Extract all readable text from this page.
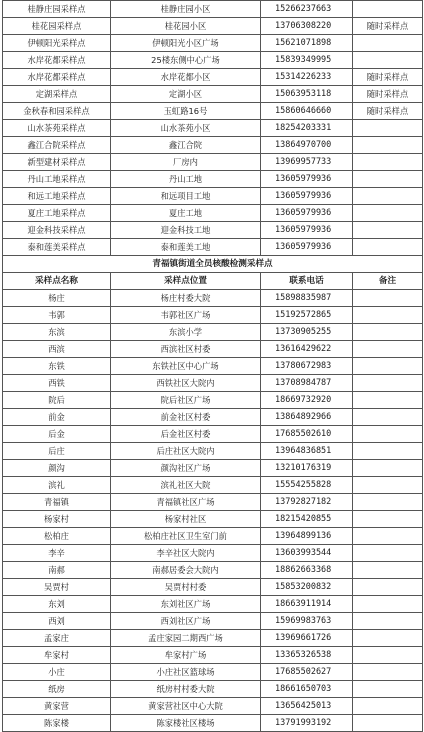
桂静庄园采样点	桂静庄园小区	15266237663	
桂花园采样点	桂花园小区	13706308220	随时采样点
伊顿阳光采样点	伊顿阳光小区广场	15621071898	
水岸花都采样点	25楼东侧中心广场	15839349995	
水岸花都采样点	水岸花都小区	15314226233	随时采样点
定湖采样点	定湖小区	15063953118	随时采样点
金秋春和园采样点	玉虹路16号	15860646660	随时采样点
山水茶苑采样点	山水茶苑小区	18254203331	
鑫江合院采样点	鑫江合院	13864970700	
新型建材采样点	厂房内	13969957733	
丹山工地采样点	丹山工地	13605979936	
和远工地采样点	和远项目工地	13605979936	
夏庄工地采样点	夏庄工地	13605979936	
迎金科技采样点	迎金科技工地	13605979936	
泰和莲美采样点	泰和莲美工地	13605979936	
青福镇街道全员核酸检测采样点			
采样点名称	采样点位置	联系电话	备注
杨庄	杨庄村委大院	15898835987	
韦郭	韦郭社区广场	15192572865	
东滨	东滨小学	13730905255	
西滨	西滨社区村委	13616429622	
东铁	东铁社区中心广场	13780672983	
西铁	西铁社区大院内	13708984787	
院后	院后社区广场	18669732920	
前金	前金社区村委	13864892966	
后金	后金社区村委	17685502610	
后庄	后庄社区大院内	13964836851	
颜沟	颜沟社区广场	13210176319	
滨礼	滨礼社区大院	15554255828	
青福镇	青福镇社区广场	13792827182	
杨家村	杨家村社区	18215420855	
松柏庄	松柏庄社区卫生室门前	13964899136	
李辛	李辛社区大院内	13603993544	
南郝	南郝居委会大院内	18862663368	
吴贾村	吴贾村村委	15853200832	
东刘	东刘社区广场	18663911914	
西刘	西刘社区广场	15969983763	
孟家庄	孟庄家园二期西广场	13969661726	
牟家村	牟家村广场	13365326538	
小庄	小庄社区篮球场	17685502627	
纸房	纸房村村委大院	18661650703	
黄家营	黄家营社区中心大院	13656425013	
陈家楼	陈家楼社区楼场	13791993192	
